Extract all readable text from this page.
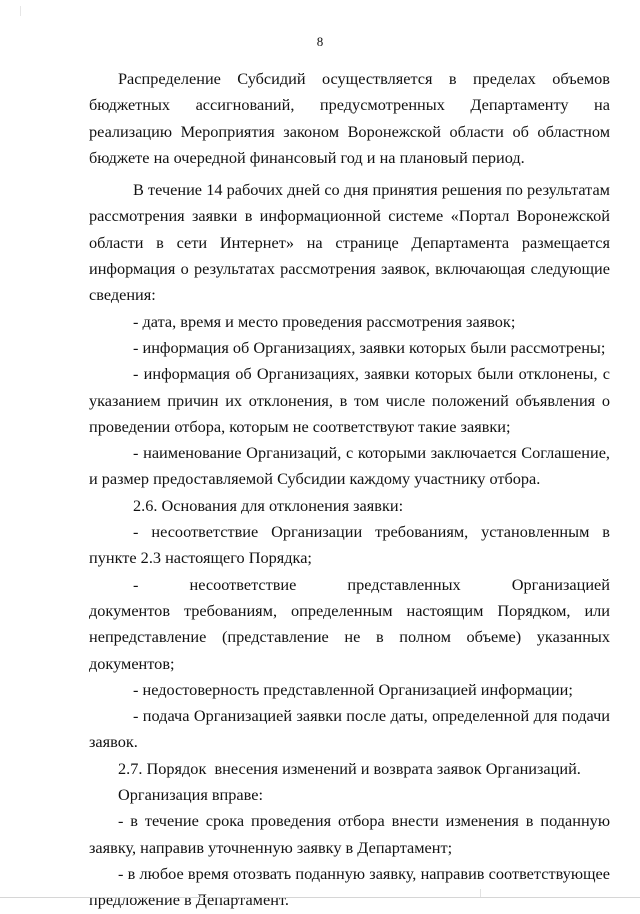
8

Распределение Субсидий осуществляется в пределах объемов бюджетных ассигнований, предусмотренных Департаменту на реализацию Мероприятия законом Воронежской области об областном бюджете на очередной финансовый год и на плановый период.

В течение 14 рабочих дней со дня принятия решения по результатам рассмотрения заявки в информационной системе «Портал Воронежской области в сети Интернет» на странице Департамента размещается информация о результатах рассмотрения заявок, включающая следующие сведения:

- дата, время и место проведения рассмотрения заявок;

- информация об Организациях, заявки которых были рассмотрены;

- информация об Организациях, заявки которых были отклонены, с указанием причин их отклонения, в том числе положений объявления о проведении отбора, которым не соответствуют такие заявки;

- наименование Организаций, с которыми заключается Соглашение, и размер предоставляемой Субсидии каждому участнику отбора.

2.6. Основания для отклонения заявки:

- несоответствие Организации требованиям, установленным в пункте 2.3 настоящего Порядка;

-     несоответствие     представленных     Организацией     документов требованиям, определенным настоящим Порядком, или непредставление (представление не в полном объеме) указанных документов;

- недостоверность представленной Организацией информации;

- подача Организацией заявки после даты, определенной для подачи заявок.

2.7. Порядок  внесения изменений и возврата заявок Организаций.

Организация вправе:

- в течение срока проведения отбора внести изменения в поданную заявку, направив уточненную заявку в Департамент;

- в любое время отозвать поданную заявку, направив соответствующее предложение в Департамент.
